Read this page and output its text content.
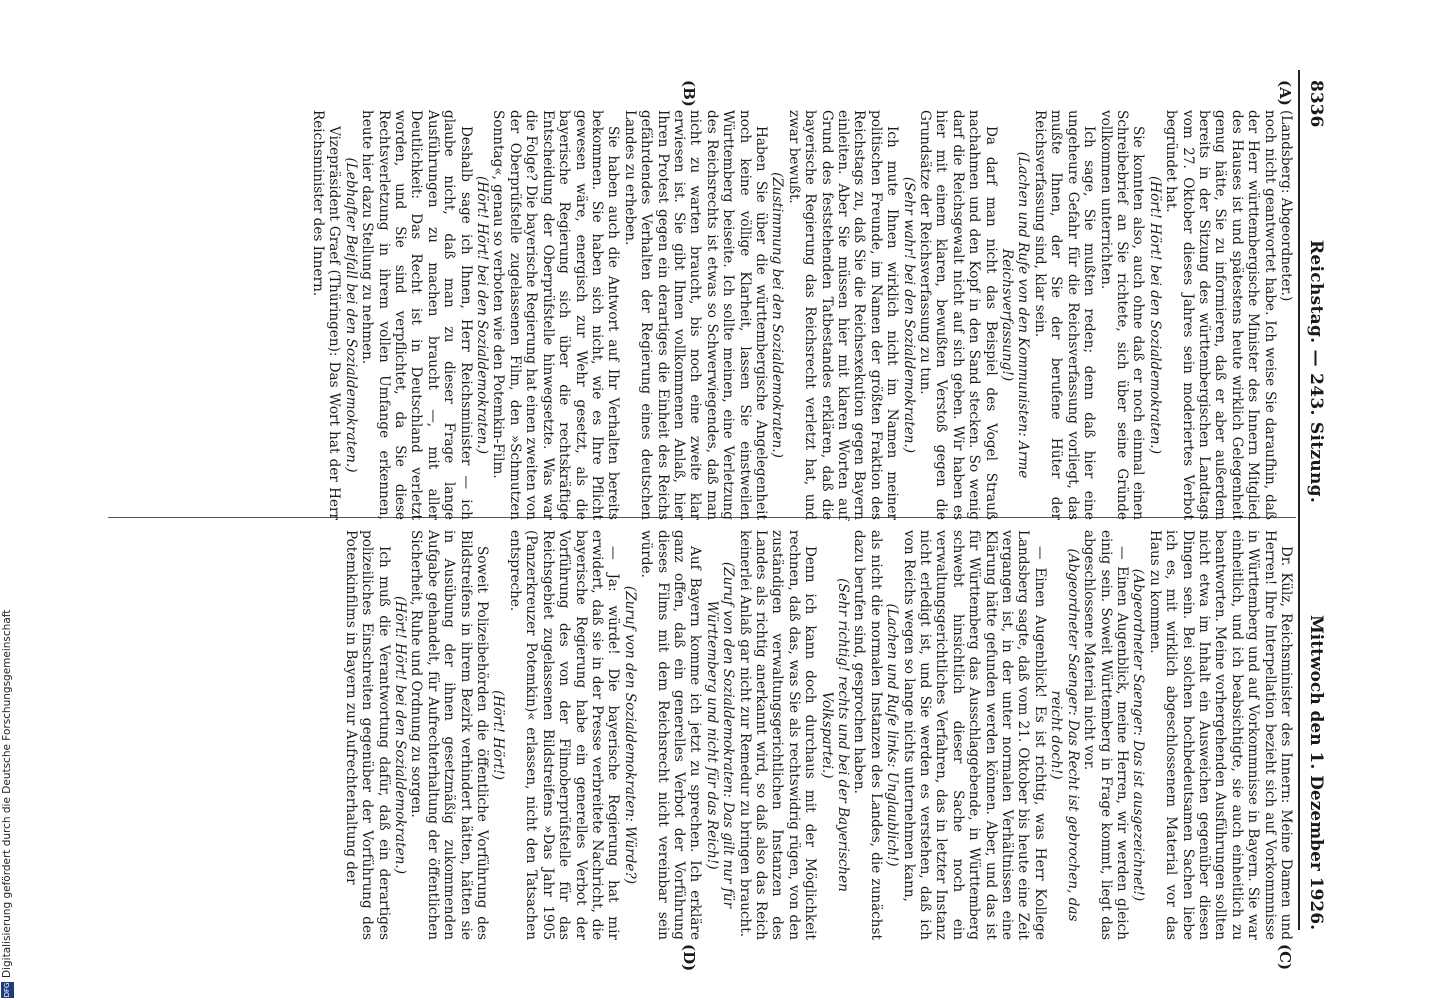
8336
Reichstag. — 243. Sitzung.
Mittwoch den 1. Dezember 1926.
(A)
(B)
(C)
(D)

(Landsberg: Abgeordneter.)

noch nicht geantwortet habe. Ich weise Sie daraufhin, daß der Herr württembergische Minister des Innern Mitglied des Hauses ist und spätestens heute wirklich Gelegenheit genug hätte, Sie zu informieren, daß er aber außerdem bereits in der Sitzung des württembergischen Landtags vom 27. Oktober dieses Jahres sein moderiertes Verbot begründet hat.

(Hört! Hört! bei den Sozialdemokraten.)

Sie konnten also, auch ohne daß er noch einmal einen Schreibebrief an Sie richtete, sich über seine Gründe vollkommen unterrichten.

Ich sage, Sie mußten reden; denn daß hier eine ungeheure Gefahr für die Reichsverfassung vorliegt, das mußte Ihnen, der Sie der berufene Hüter der Reichsverfassung sind, klar sein.

(Lachen und Rufe von den Kommunisten: Arme Reichsverfassung!)

Da darf man nicht das Beispiel des Vogel Strauß nachahmen und den Kopf in den Sand stecken. So wenig darf die Reichsgewalt nicht auf sich geben. Wir haben es hier mit einem klaren, bewußten Verstoß gegen die Grundsätze der Reichsverfassung zu tun.

(Sehr wahr! bei den Sozialdemokraten.)

Ich mute Ihnen wirklich nicht im Namen meiner politischen Freunde, im Namen der größten Fraktion des Reichstags zu, daß Sie die Reichsexekution gegen Bayern einleiten. Aber Sie müssen hier mit klaren Worten auf Grund des feststehenden Tatbestandes erklären, daß die bayerische Regierung das Reichsrecht verletzt hat, und zwar bewußt.

(Zustimmung bei den Sozialdemokraten.)

Haben Sie über die württembergische Angelegenheit noch keine völlige Klarheit, lassen Sie einstweilen Württemberg beiseite. Ich sollte meinen, eine Verletzung des Reichsrechts ist etwas so Schwerwiegendes, daß man nicht zu warten braucht, bis noch eine zweite klar erwiesen ist. Sie gibt Ihnen vollkommenen Anlaß, hier Ihren Protest gegen ein derartiges die Einheit des Reichs gefährdendes Verhalten der Regierung eines deutschen Landes zu erheben.

Sie haben auch die Antwort auf Ihr Verhalten bereits bekommen. Sie haben sich nicht, wie es Ihre Pflicht gewesen wäre, energisch zur Wehr gesetzt, als die bayerische Regierung sich über die rechtskräftige Entscheidung der Oberprüfstelle hinwegsetzte. Was war die Folge? Die bayerische Regierung hat einen zweiten von der Oberprüfstelle zugelassenen Film, den »Schmutzen Sonntag«, genau so verboten wie den Potemkin-Film.

(Hört! Hört! bei den Sozialdemokraten.)

Deshalb sage ich Ihnen, Herr Reichsminister — ich glaube nicht, daß man zu dieser Frage lange Ausführungen zu machen braucht —, mit aller Deutlichkeit: Das Recht ist in Deutschland verletzt worden, und Sie sind verpflichtet, da Sie diese Rechtsverletzung in ihrem vollen Umfange erkennen, heute hier dazu Stellung zu nehmen.

(Lebhafter Beifall bei den Sozialdemokraten.)

Vizepräsident Graef (Thüringen): Das Wort hat der Herr Reichsminister des Innern.

Dr. Külz, Reichsminister des Innern: Meine Damen und Herren! Ihre Interpellation bezieht sich auf Vorkommnisse in Württemberg und auf Vorkommnisse in Bayern. Sie war einheitlich, und ich beabsichtigte, sie auch einheitlich zu beantworten. Meine vorhergehenden Ausführungen sollten nicht etwa im Inhalt ein Ausweichen gegenüber diesen Dingen sein. Bei solchen hochbedeutsamen Sachen liebe ich es, mit wirklich abgeschlossenem Material vor das Haus zu kommen.

(Abgeordneter Saenger: Das ist ausgezeichnet!)

— Einen Augenblick, meine Herren, wir werden gleich einig sein. Soweit Württemberg in Frage kommt, liegt das abgeschlossene Material nicht vor.

(Abgeordneter Saenger: Das Recht ist gebrochen, das reicht doch!)

— Einen Augenblick! Es ist richtig, was Herr Kollege Landsberg sagte, daß vom 21. Oktober bis heute eine Zeit vergangen ist, in der unter normalen Verhältnissen eine Klärung hätte gefunden werden können. Aber, und das ist für Württemberg das Ausschlaggebende, in Württemberg schwebt hinsichtlich dieser Sache noch ein verwaltungsgerichtliches Verfahren, das in letzter Instanz nicht erledigt ist, und Sie werden es verstehen, daß ich von Reichs wegen so lange nichts unternehmen kann,

(Lachen und Rufe links: Unglaublich!)

als nicht die normalen Instanzen des Landes, die zunächst dazu berufen sind, gesprochen haben.

(Sehr richtig! rechts und bei der Bayerischen Volkspartei.)

Denn ich kann doch durchaus mit der Möglichkeit rechnen, daß das, was Sie als rechtswidrig rügen, von den zuständigen verwaltungsgerichtlichen Instanzen des Landes als richtig anerkannt wird, so daß also das Reich keinerlei Anlaß gar nicht zur Remedur zu bringen braucht.

(Zuruf von den Sozialdemokraten: Das gilt nur für Württemberg und nicht für das Reich!)

Auf Bayern komme ich jetzt zu sprechen. Ich erkläre ganz offen, daß ein generelles Verbot der Vorführung dieses Films mit dem Reichsrecht nicht vereinbar sein würde.

(Zuruf von den Sozialdemokraten: Würde?)

— Ja: würde! Die bayerische Regierung hat mir erwidert, daß sie in der Presse verbreitete Nachricht, die bayerische Regierung habe ein generelles Verbot der Vorführung des von der Filmoberprüfstelle für das Reichsgebiet zugelassenen Bildstreifens »Das Jahr 1905 (Panzerkreuzer Potemkin)« erlassen, nicht den Tatsachen entspreche.

(Hört! Hört!)

Soweit Polizeibehörden die öffentliche Vorführung des Bildstreifens in ihrem Bezirk verhindert hätten, hätten sie in Ausübung der ihnen gesetzmäßig zukommenden Aufgabe gehandelt, für Aufrechterhaltung der öffentlichen Sicherheit, Ruhe und Ordnung zu sorgen.

(Hört! Hört! bei den Sozialdemokraten.)

Ich muß die Verantwortung dafür, daß ein derartiges polizeiliches Einschreiten gegenüber der Vorführung des Potemkinfilms in Bayern zur Aufrechterhaltung der

Digitalisierung gefördert durch die Deutsche Forschungsgemeinschaft
DFG
